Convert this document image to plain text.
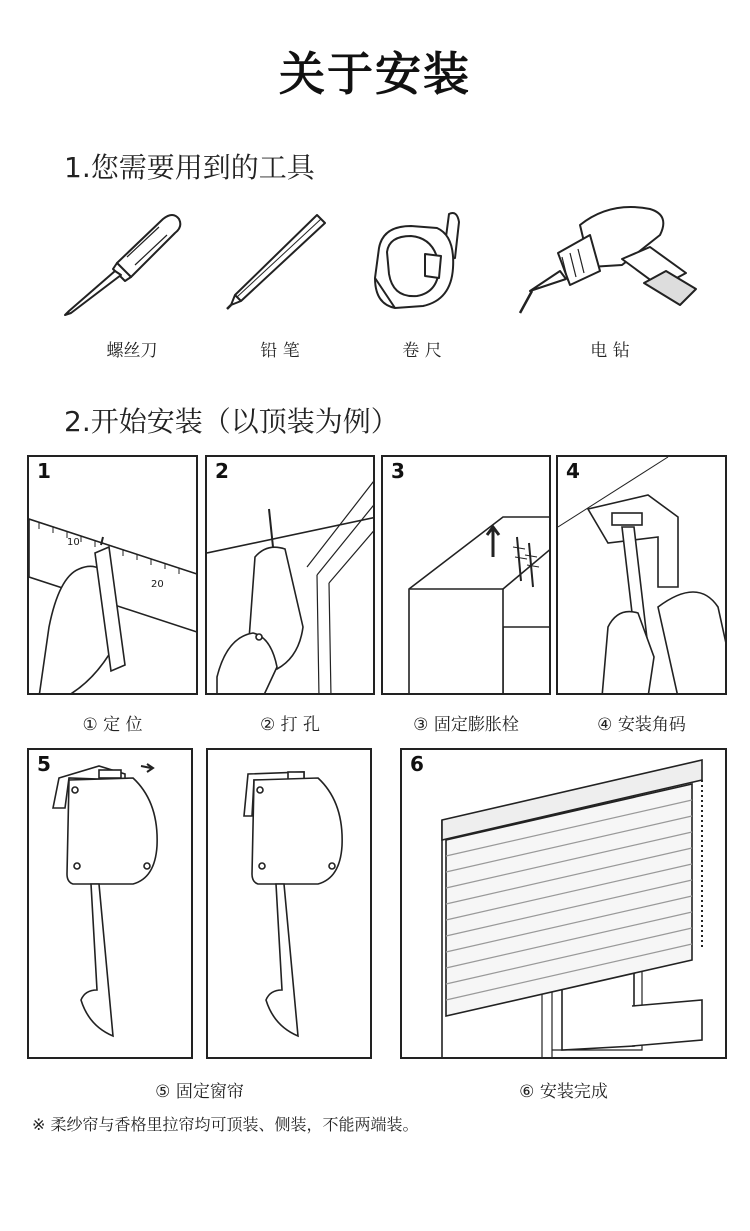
关于安装
1.您需要用到的工具
螺丝刀	铅 笔	卷 尺	电 钻
2.开始安装（以顶装为例）
1
10
20
2	3	4
① 定 位	② 打 孔	③ 固定膨胀栓	④ 安装角码
5	6
⑤ 固定窗帘	⑥ 安装完成
※ 柔纱帘与香格里拉帘均可顶装、侧装，不能两端装。
